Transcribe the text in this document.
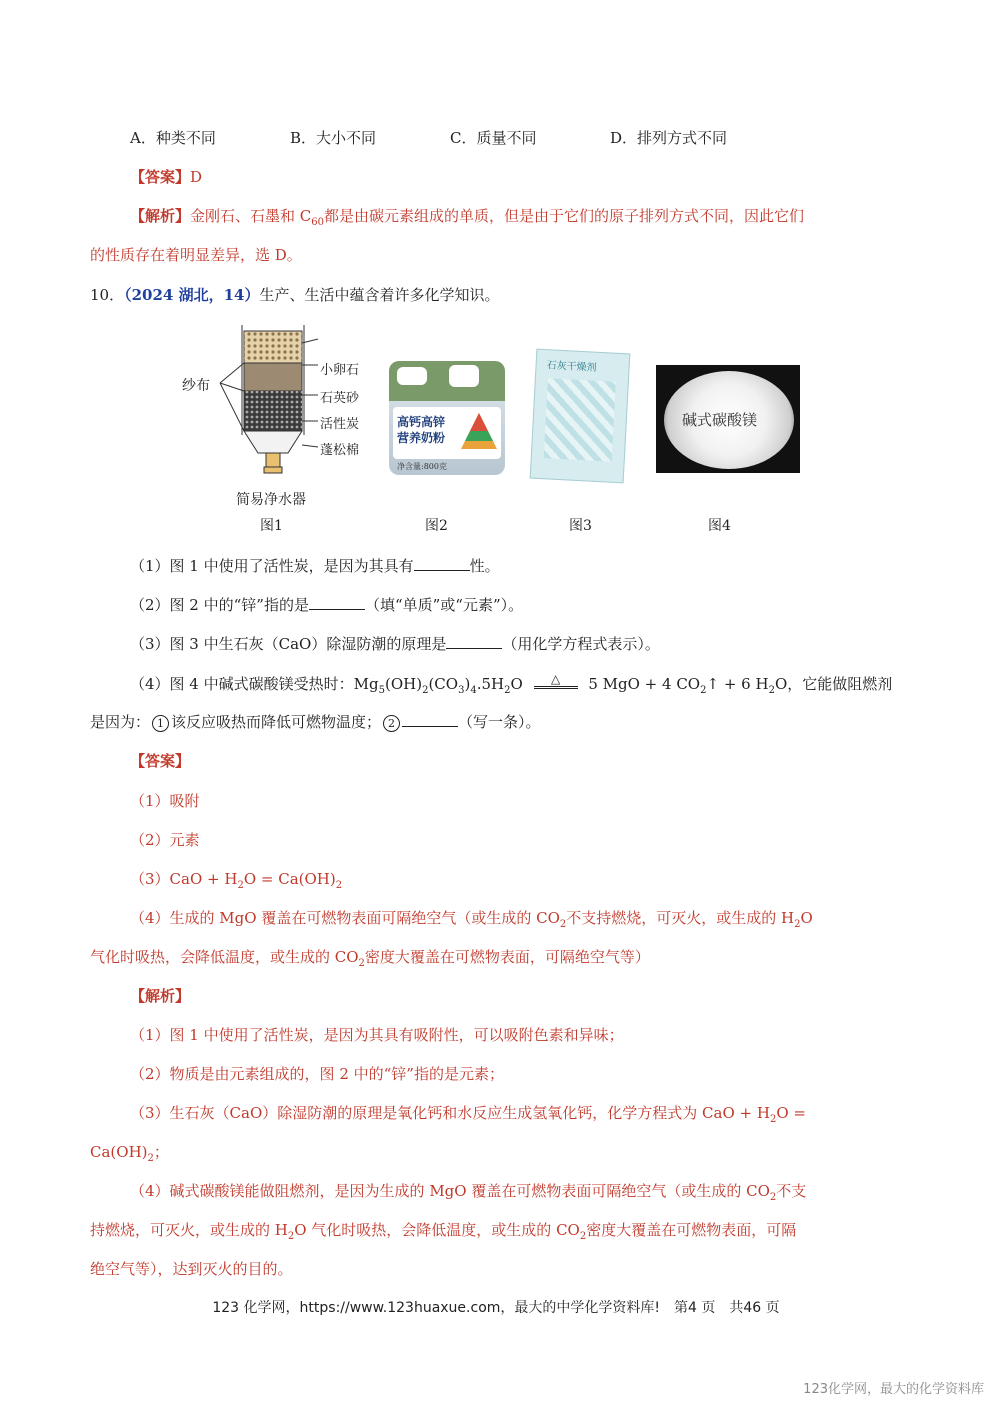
A．种类不同	B．大小不同	C．质量不同	D．排列方式不同
【答案】D
【解析】金刚石、石墨和 $C_{60}$都是由碳元素组成的单质，但是由于它们的原子排列方式不同，因此它们
的性质存在着明显差异，选 D。
10．（2024 湖北，14）生产、生活中蕴含着许多化学知识。
纱布
小卵石
石英砂
活性炭
蓬松棉
简易净水器
图1
高钙高锌
营养奶粉
净含量:800克
图2
石灰干燥剂
图3
碱式碳酸镁
图4
（1）图 1 中使用了活性炭，是因为其具有	性。
（2）图 2 中的“锌”指的是	（填“单质”或“元素”）。
（3）图 3 中生石灰（CaO）除湿防潮的原理是	（用化学方程式表示）。
（4）图 4 中碱式碳酸镁受热时：$Mg_5(OH)_2(CO_3)_4.5H_2O$ △ 5 MgO + 4 $CO_2↑ + 6$ $H_2O$，它能做阻燃剂
是因为： 1 该反应吸热而降低可燃物温度； 2	（写一条）。
【答案】
（1）吸附
（2）元素
$(3)CaO + H_2O = Ca(OH)_2$
（4）生成的 MgO 覆盖在可燃物表面可隔绝空气（或生成的 $CO_2$不支持燃烧，可灭火，或生成的 $H_2O$
气化时吸热，会降低温度，或生成的 $CO_2$密度大覆盖在可燃物表面，可隔绝空气等）
【解析】
（1）图 1 中使用了活性炭，是因为其具有吸附性，可以吸附色素和异味；
（2）物质是由元素组成的，图 2 中的“锌”指的是元素；
（3）生石灰（CaO）除湿防潮的原理是氧化钙和水反应生成氢氧化钙，化学方程式为 CaO + $H_2O$ =
$Ca(OH)_2$；
（4）碱式碳酸镁能做阻燃剂，是因为生成的 MgO 覆盖在可燃物表面可隔绝空气（或生成的 $CO_2$不支
持燃烧，可灭火，或生成的 $H_2O$ 气化时吸热，会降低温度，或生成的 $CO_2$密度大覆盖在可燃物表面，可隔
绝空气等），达到灭火的目的。
123 化学网，https://www.123huaxue.com，最大的中学化学资料库!　第4 页　共46 页
123化学网，最大的化学资料库
